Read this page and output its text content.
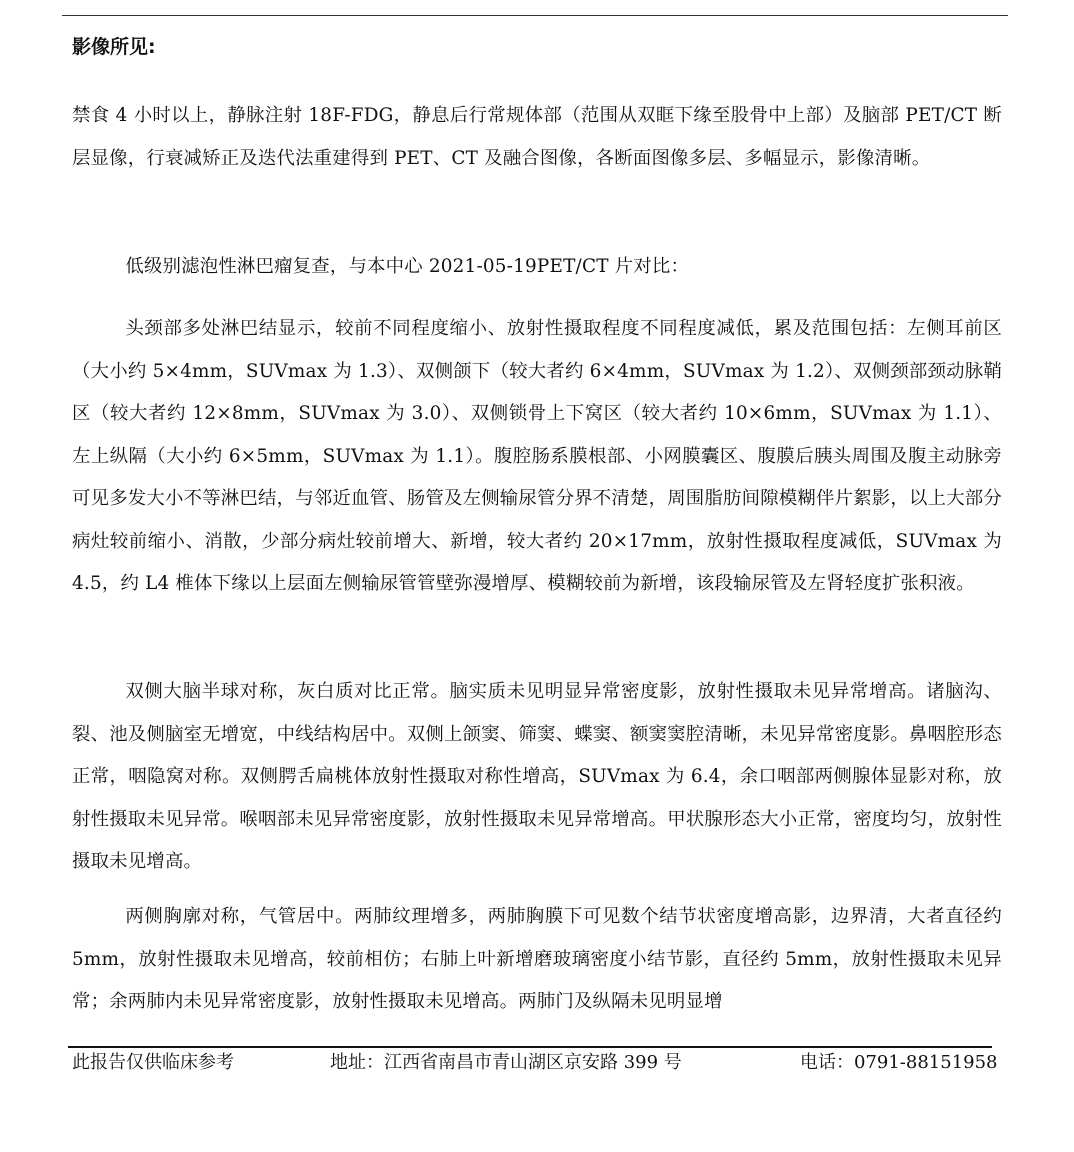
影像所见:

禁食 4 小时以上，静脉注射 18F-FDG，静息后行常规体部（范围从双眶下缘至股骨中上部）及脑部 PET/CT 断层显像，行衰减矫正及迭代法重建得到 PET、CT 及融合图像，各断面图像多层、多幅显示，影像清晰。

低级别滤泡性淋巴瘤复查，与本中心 2021-05-19PET/CT 片对比：

头颈部多处淋巴结显示，较前不同程度缩小、放射性摄取程度不同程度减低，累及范围包括：左侧耳前区（大小约 5×4mm，SUVmax 为 1.3）、双侧颌下（较大者约 6×4mm，SUVmax 为 1.2）、双侧颈部颈动脉鞘区（较大者约 12×8mm，SUVmax 为 3.0）、双侧锁骨上下窝区（较大者约 10×6mm，SUVmax 为 1.1）、左上纵隔（大小约 6×5mm，SUVmax 为 1.1）。腹腔肠系膜根部、小网膜囊区、腹膜后胰头周围及腹主动脉旁可见多发大小不等淋巴结，与邻近血管、肠管及左侧输尿管分界不清楚，周围脂肪间隙模糊伴片絮影，以上大部分病灶较前缩小、消散，少部分病灶较前增大、新增，较大者约 20×17mm，放射性摄取程度减低，SUVmax 为 4.5，约 L4 椎体下缘以上层面左侧输尿管管壁弥漫增厚、模糊较前为新增，该段输尿管及左肾轻度扩张积液。

双侧大脑半球对称，灰白质对比正常。脑实质未见明显异常密度影，放射性摄取未见异常增高。诸脑沟、裂、池及侧脑室无增宽，中线结构居中。双侧上颌窦、筛窦、蝶窦、额窦窦腔清晰，未见异常密度影。鼻咽腔形态正常，咽隐窝对称。双侧腭舌扁桃体放射性摄取对称性增高，SUVmax 为 6.4，余口咽部两侧腺体显影对称，放射性摄取未见异常。喉咽部未见异常密度影，放射性摄取未见异常增高。甲状腺形态大小正常，密度均匀，放射性摄取未见增高。

两侧胸廓对称，气管居中。两肺纹理增多，两肺胸膜下可见数个结节状密度增高影，边界清，大者直径约 5mm，放射性摄取未见增高，较前相仿；右肺上叶新增磨玻璃密度小结节影，直径约 5mm，放射性摄取未见异常；余两肺内未见异常密度影，放射性摄取未见增高。两肺门及纵隔未见明显增

此报告仅供临床参考	地址：江西省南昌市青山湖区京安路 399 号	电话：0791-88151958
